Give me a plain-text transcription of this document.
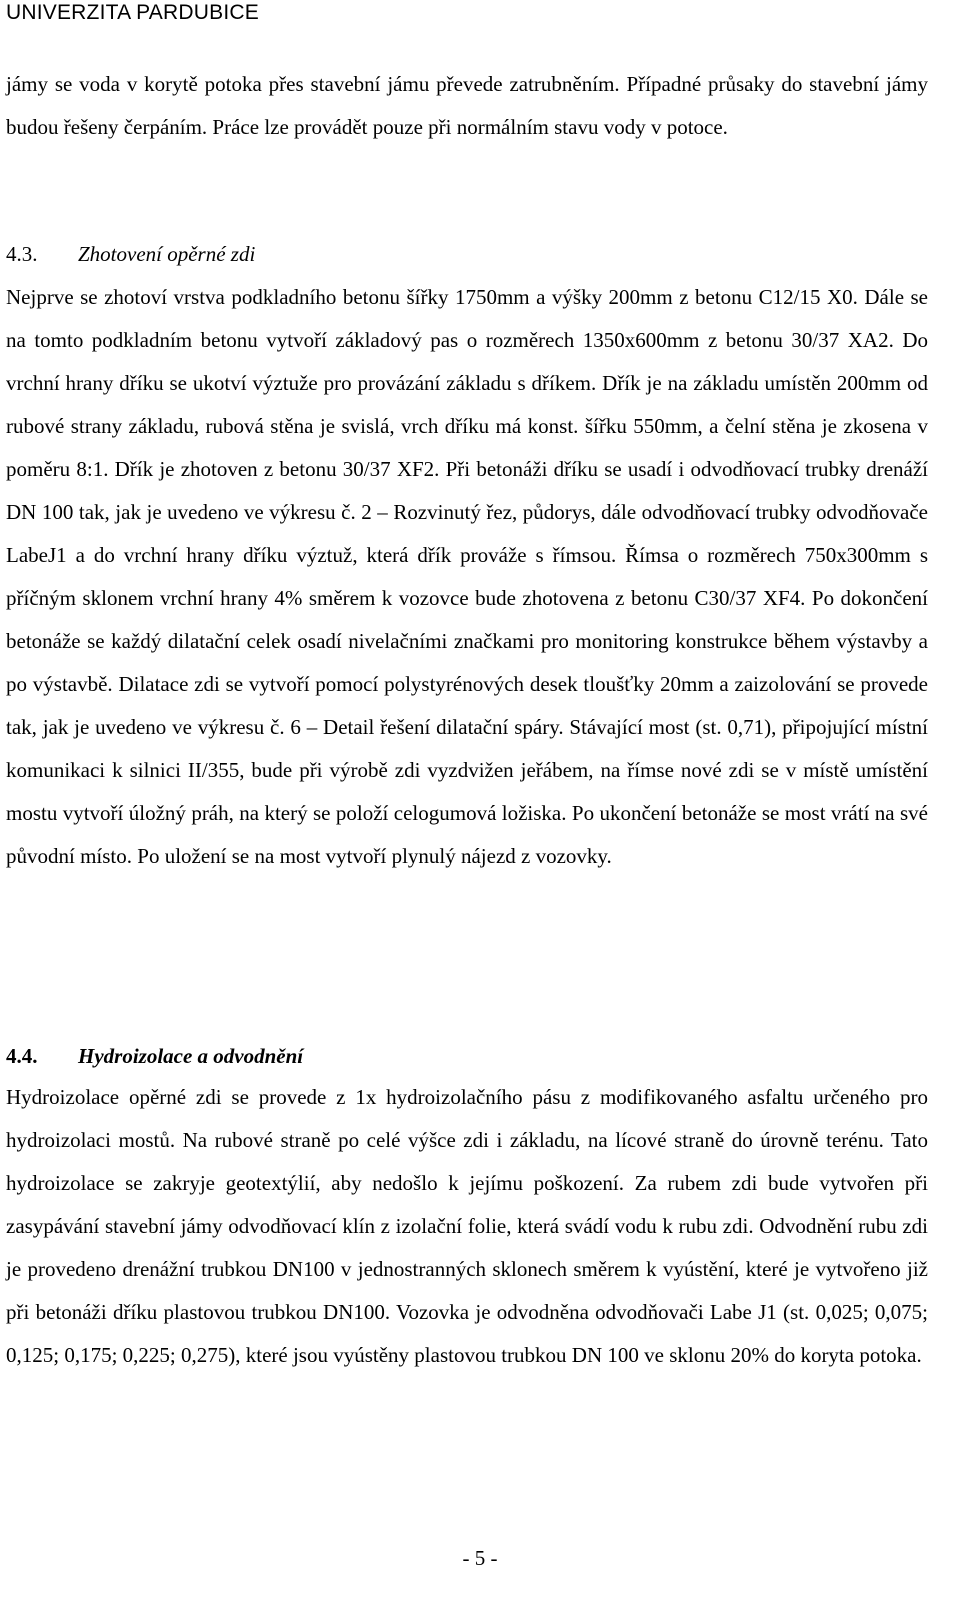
UNIVERZITA PARDUBICE

jámy se voda v korytě potoka přes stavební jámu převede zatrubněním. Případné průsaky do stavební jámy budou řešeny čerpáním. Práce lze provádět pouze při normálním stavu vody v potoce.

4.3. Zhotovení opěrné zdi

Nejprve se zhotoví vrstva podkladního betonu šířky 1750mm a výšky 200mm z betonu C12/15 X0. Dále se na tomto podkladním betonu vytvoří základový pas o rozměrech 1350x600mm z betonu 30/37 XA2. Do vrchní hrany dříku se ukotví výztuže pro provázání základu s dříkem. Dřík je na základu umístěn 200mm od rubové strany základu, rubová stěna je svislá, vrch dříku má konst. šířku 550mm, a čelní stěna je zkosena v poměru 8:1. Dřík je zhotoven z betonu 30/37 XF2. Při betonáži dříku se usadí i odvodňovací trubky drenáží DN 100 tak, jak je uvedeno ve výkresu č. 2 – Rozvinutý řez, půdorys, dále odvodňovací trubky odvodňovače LabeJ1 a do vrchní hrany dříku výztuž, která dřík prováže s římsou. Římsa o rozměrech 750x300mm s příčným sklonem vrchní hrany 4% směrem k vozovce bude zhotovena z betonu C30/37 XF4. Po dokončení betonáže se každý dilatační celek osadí nivelačními značkami pro monitoring konstrukce během výstavby a po výstavbě. Dilatace zdi se vytvoří pomocí polystyrénových desek tloušťky 20mm a zaizolování se provede tak, jak je uvedeno ve výkresu č. 6 – Detail řešení dilatační spáry. Stávající most (st. 0,71), připojující místní komunikaci k silnici II/355, bude při výrobě zdi vyzdvižen jeřábem, na římse nové zdi se v místě umístění mostu vytvoří úložný práh, na který se položí celogumová ložiska. Po ukončení betonáže se most vrátí na své původní místo. Po uložení se na most vytvoří plynulý nájezd z vozovky.

4.4. Hydroizolace a odvodnění

Hydroizolace opěrné zdi se provede z 1x hydroizolačního pásu z modifikovaného asfaltu určeného pro hydroizolaci mostů. Na rubové straně po celé výšce zdi i základu, na lícové straně do úrovně terénu. Tato hydroizolace se zakryje geotextýlií, aby nedošlo k jejímu poškození. Za rubem zdi bude vytvořen při zasypávání stavební jámy odvodňovací klín z izolační folie, která svádí vodu k rubu zdi. Odvodnění rubu zdi je provedeno drenážní trubkou DN100 v jednostranných sklonech směrem k vyústění, které je vytvořeno již při betonáži dříku plastovou trubkou DN100. Vozovka je odvodněna odvodňovači Labe J1 (st. 0,025; 0,075; 0,125; 0,175; 0,225; 0,275), které jsou vyústěny plastovou trubkou DN 100 ve sklonu 20% do koryta potoka.

- 5 -
